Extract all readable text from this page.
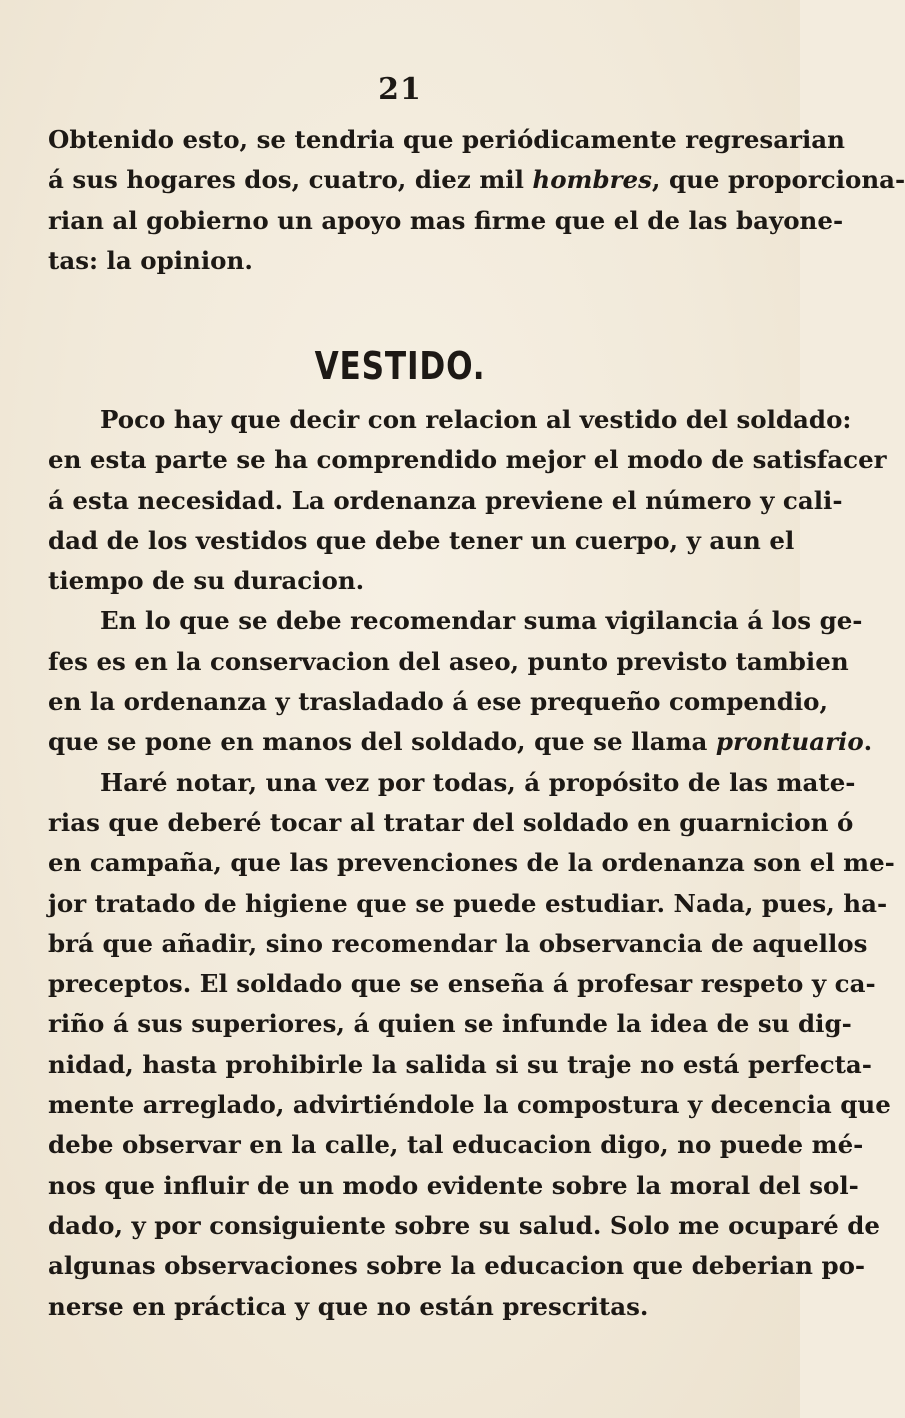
21
Obtenido esto, se tendria que periódicamente regresarian
á sus hogares dos, cuatro, diez mil hombres, que proporciona-
rian al gobierno un apoyo mas firme que el de las bayone-
tas: la opinion.
VESTIDO.
Poco hay que decir con relacion al vestido del soldado:
en esta parte se ha comprendido mejor el modo de satisfacer
á esta necesidad. La ordenanza previene el número y cali-
dad de los vestidos que debe tener un cuerpo, y aun el
tiempo de su duracion.
En lo que se debe recomendar suma vigilancia á los ge-
fes es en la conservacion del aseo, punto previsto tambien
en la ordenanza y trasladado á ese prequeño compendio,
que se pone en manos del soldado, que se llama prontuario.
Haré notar, una vez por todas, á propósito de las mate-
rias que deberé tocar al tratar del soldado en guarnicion ó
en campaña, que las prevenciones de la ordenanza son el me-
jor tratado de higiene que se puede estudiar. Nada, pues, ha-
brá que añadir, sino recomendar la observancia de aquellos
preceptos. El soldado que se enseña á profesar respeto y ca-
riño á sus superiores, á quien se infunde la idea de su dig-
nidad, hasta prohibirle la salida si su traje no está perfecta-
mente arreglado, advirtiéndole la compostura y decencia que
debe observar en la calle, tal educacion digo, no puede mé-
nos que influir de un modo evidente sobre la moral del sol-
dado, y por consiguiente sobre su salud. Solo me ocuparé de
algunas observaciones sobre la educacion que deberian po-
nerse en práctica y que no están prescritas.
